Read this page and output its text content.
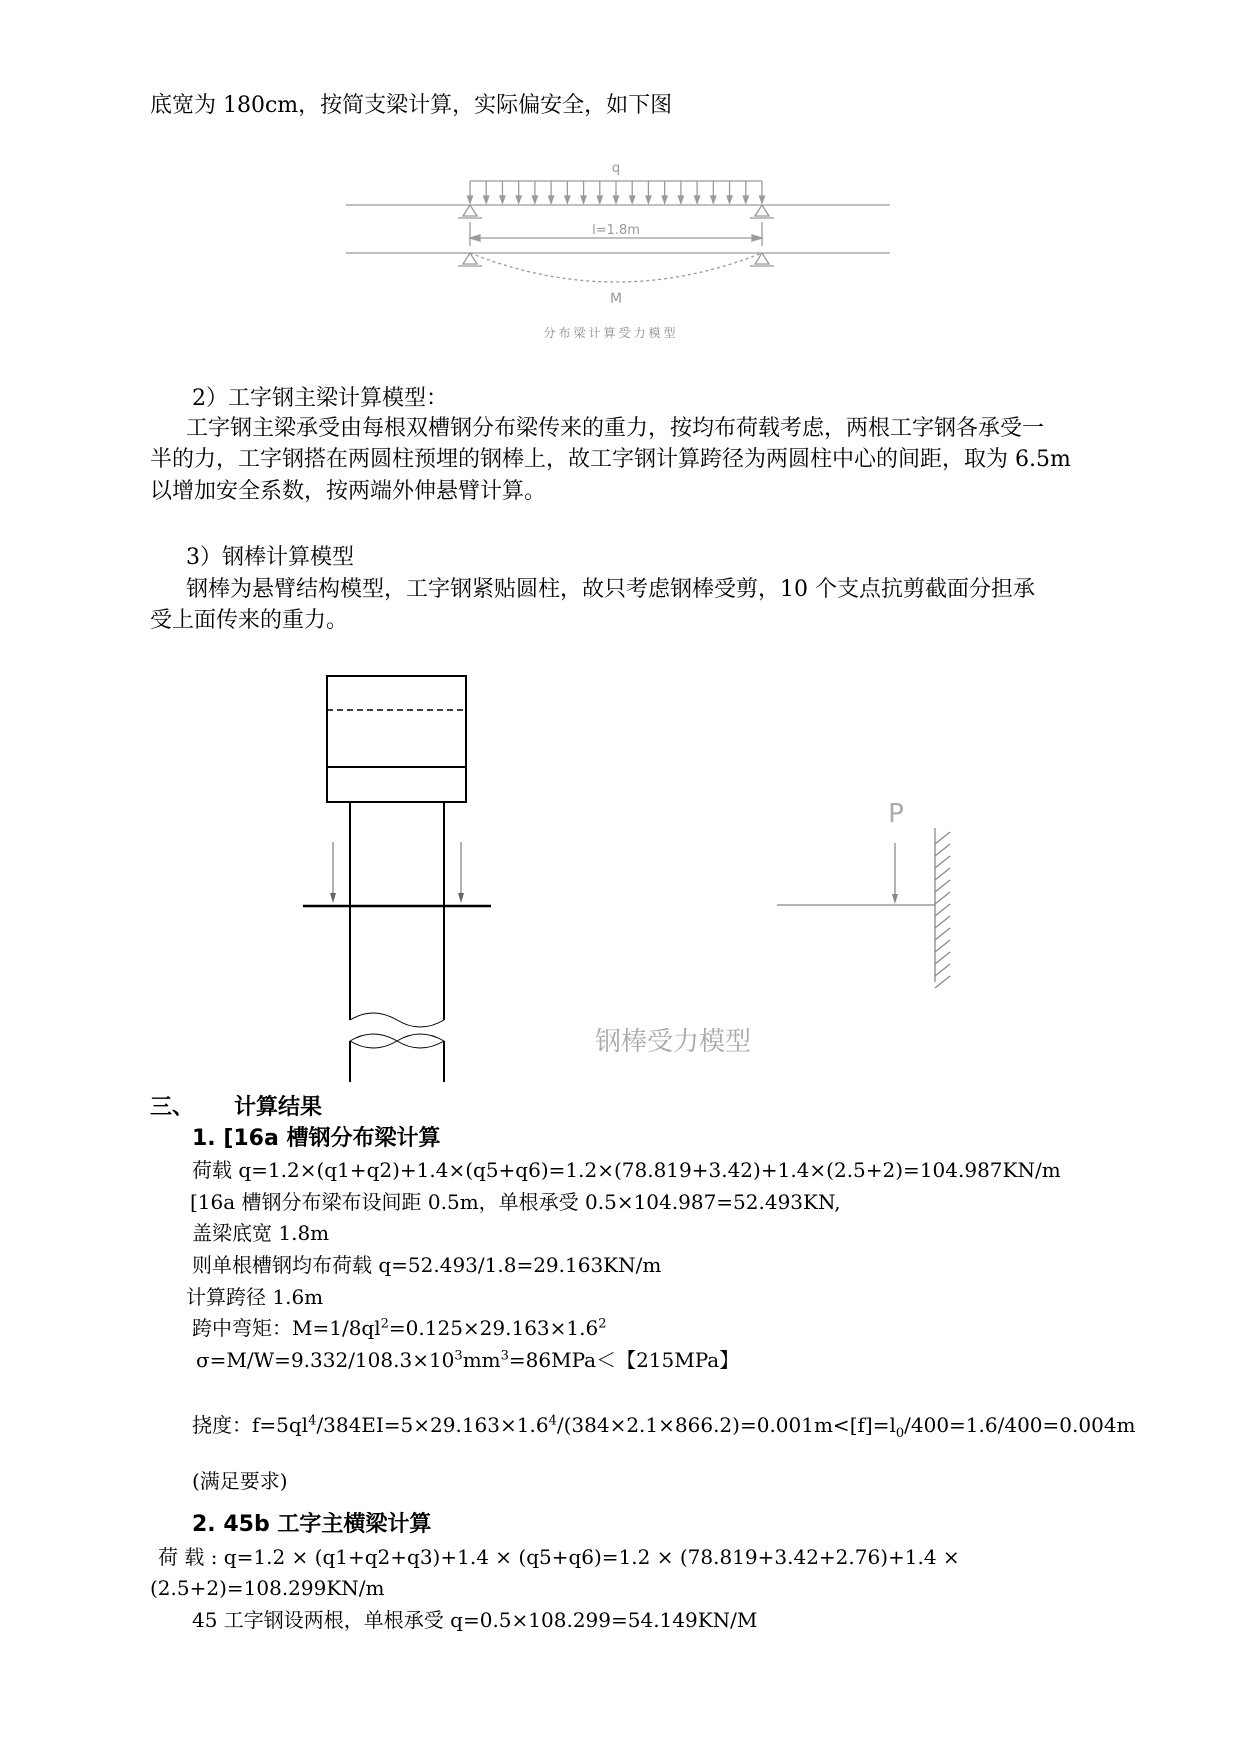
底宽为 180cm，按简支梁计算，实际偏安全，如下图
q
l=1.8m
M
分布梁计算受力模型
2）工字钢主梁计算模型：
工字钢主梁承受由每根双槽钢分布梁传来的重力，按均布荷载考虑，两根工字钢各承受一
半的力，工字钢搭在两圆柱预埋的钢棒上，故工字钢计算跨径为两圆柱中心的间距，取为 6.5m
以增加安全系数，按两端外伸悬臂计算。
3）钢棒计算模型
钢棒为悬臂结构模型，工字钢紧贴圆柱，故只考虑钢棒受剪，10 个支点抗剪截面分担承
受上面传来的重力。
P
钢棒受力模型
三、 计算结果
1. [16a 槽钢分布梁计算
荷载 q=1.2×(q1+q2)+1.4×(q5+q6)=1.2×(78.819+3.42)+1.4×(2.5+2)=104.987KN/m
[16a 槽钢分布梁布设间距 0.5m，单根承受 0.5×104.987=52.493KN,
盖梁底宽 1.8m
则单根槽钢均布荷载 q=52.493/1.8=29.163KN/m
计算跨径 1.6m
跨中弯矩：$M=1/8ql^2=0.125\times 29.163\times 1.6^2$
$\sigma=M/W=9.332/108.3\times 10^3mm^3=86MPa<$【215MPa】
挠度：$f=5ql^4/384EI=5\times 29.163\times 1.6^4/(384\times 2.1\times 866.2)=0.001m<[f]=l_0/400=1.6/400=0.004m$
(满足要求)
2. 45b 工字主横梁计算
荷 载 : q=1.2 × (q1+q2+q3)+1.4 × (q5+q6)=1.2 × (78.819+3.42+2.76)+1.4 ×
(2.5+2)=108.299KN/m
45 工字钢设两根，单根承受 q=0.5×108.299=54.149KN/M
